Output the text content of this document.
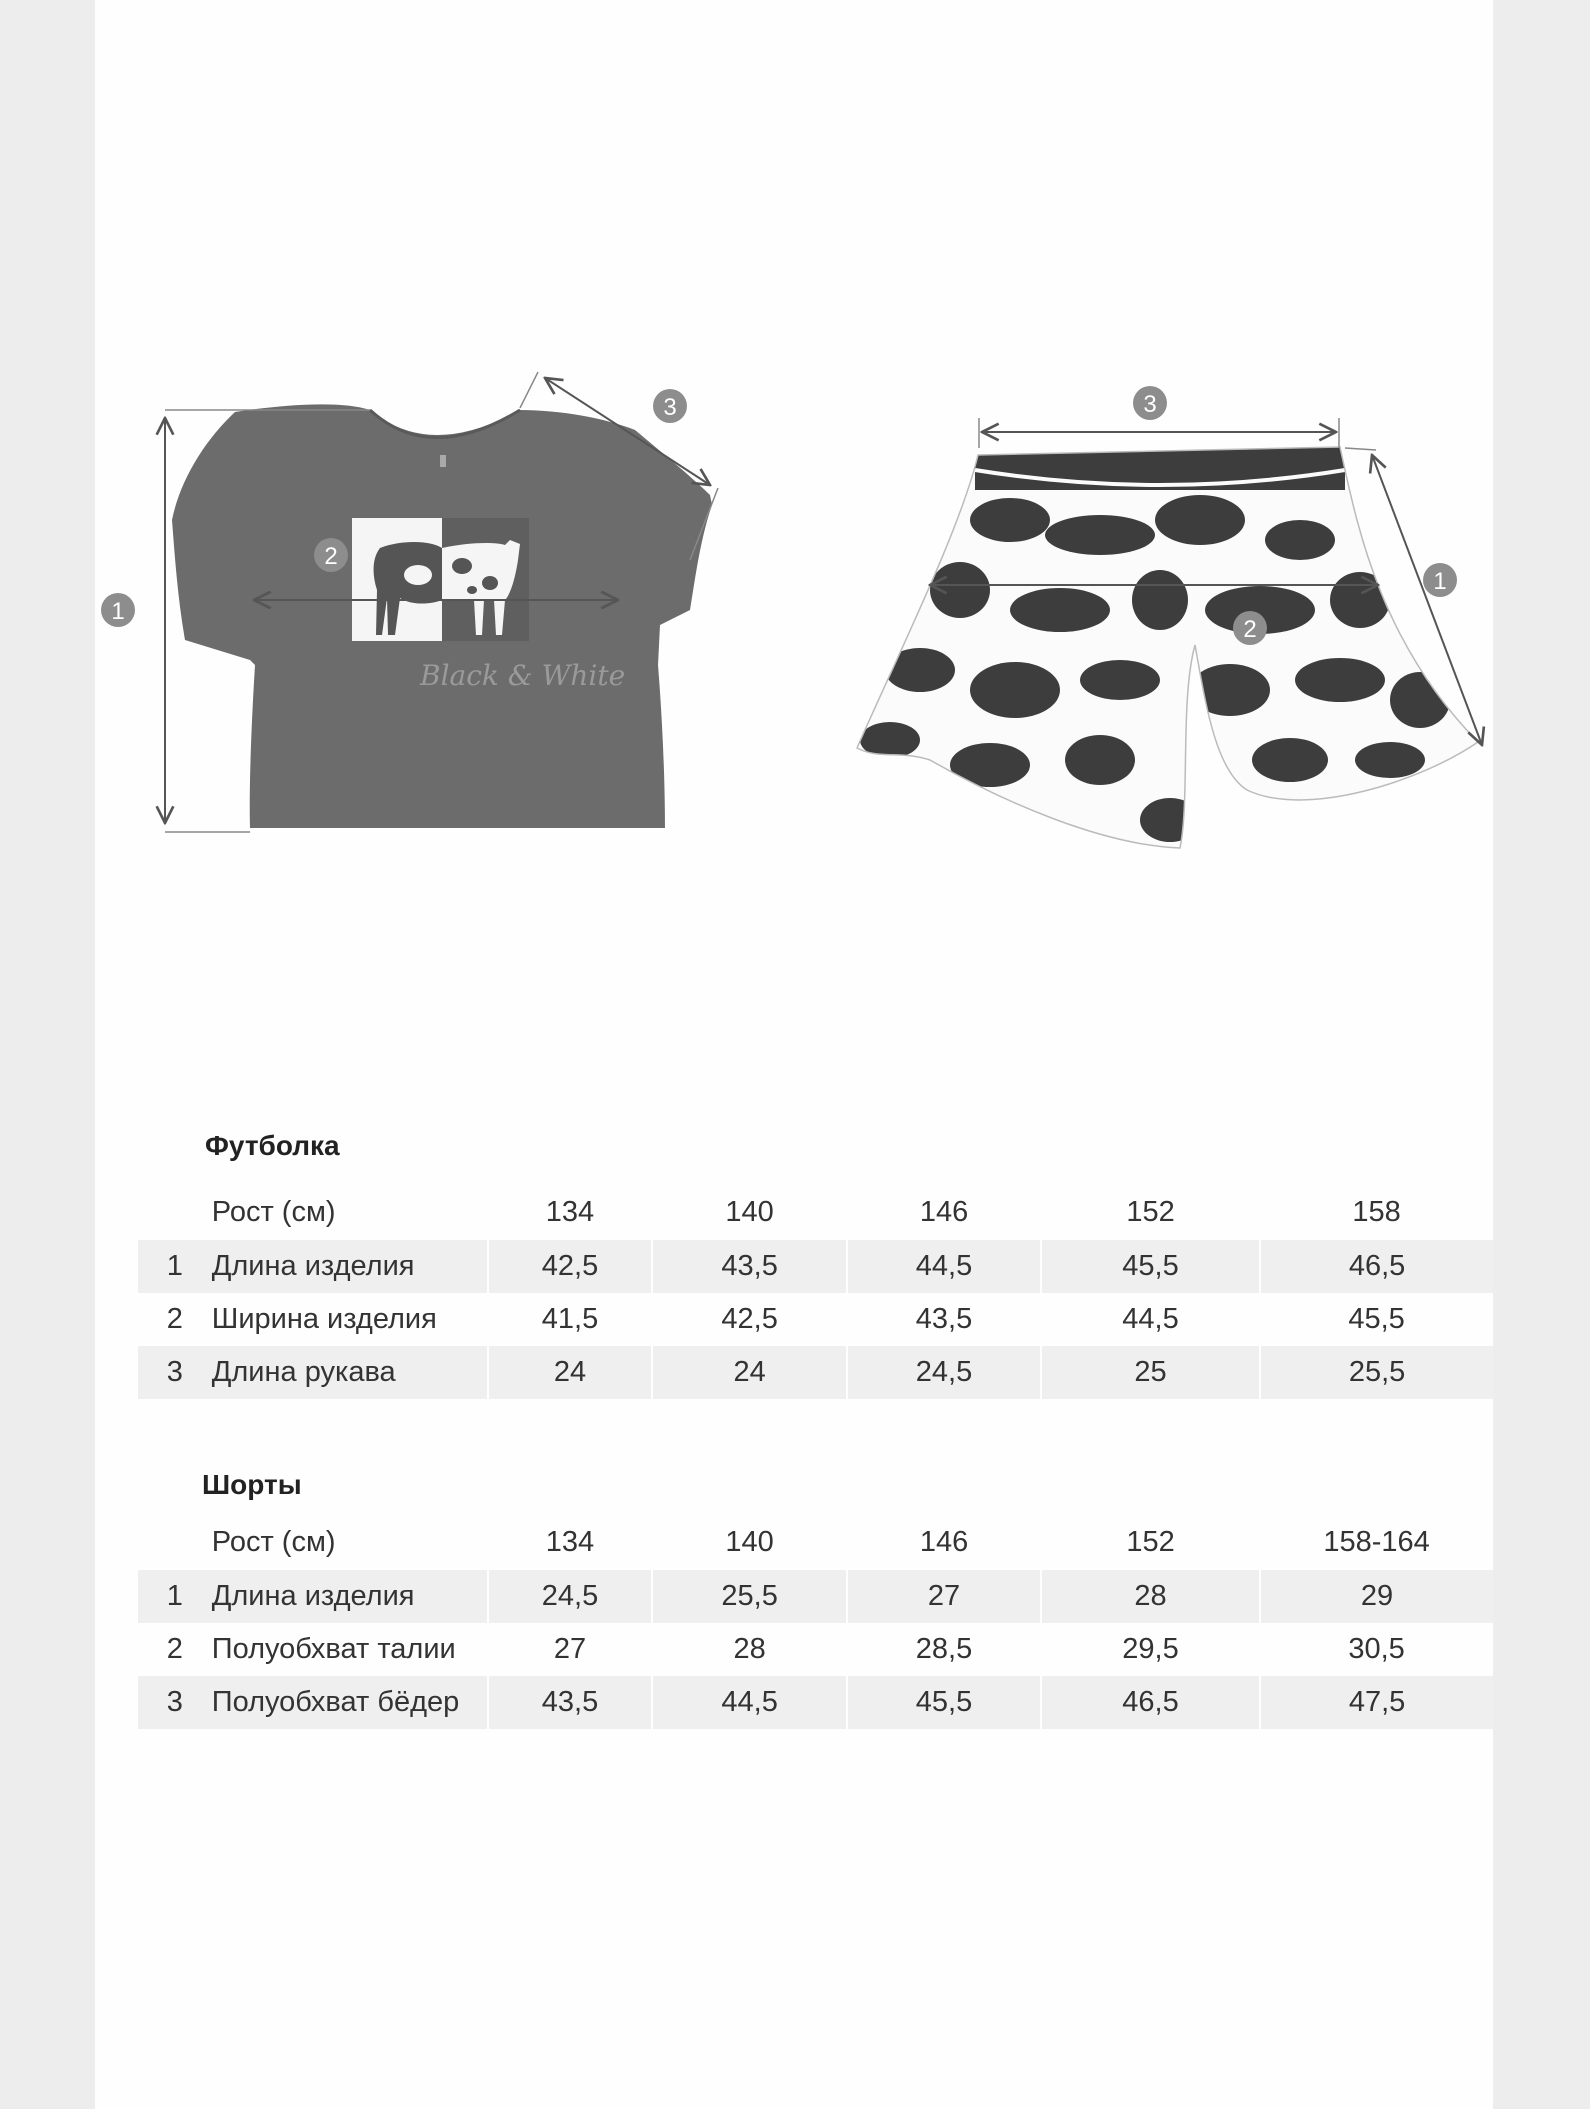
Black & White
1
2
3	3
1
2
Футболка
	Рост (см)	134	140	146	152	158
1	Длина изделия	42,5	43,5	44,5	45,5	46,5
2	Ширина изделия	41,5	42,5	43,5	44,5	45,5
3	Длина рукава	24	24	24,5	25	25,5
Шорты
	Рост (см)	134	140	146	152	158-164
1	Длина изделия	24,5	25,5	27	28	29
2	Полуобхват талии	27	28	28,5	29,5	30,5
3	Полуобхват бёдер	43,5	44,5	45,5	46,5	47,5
